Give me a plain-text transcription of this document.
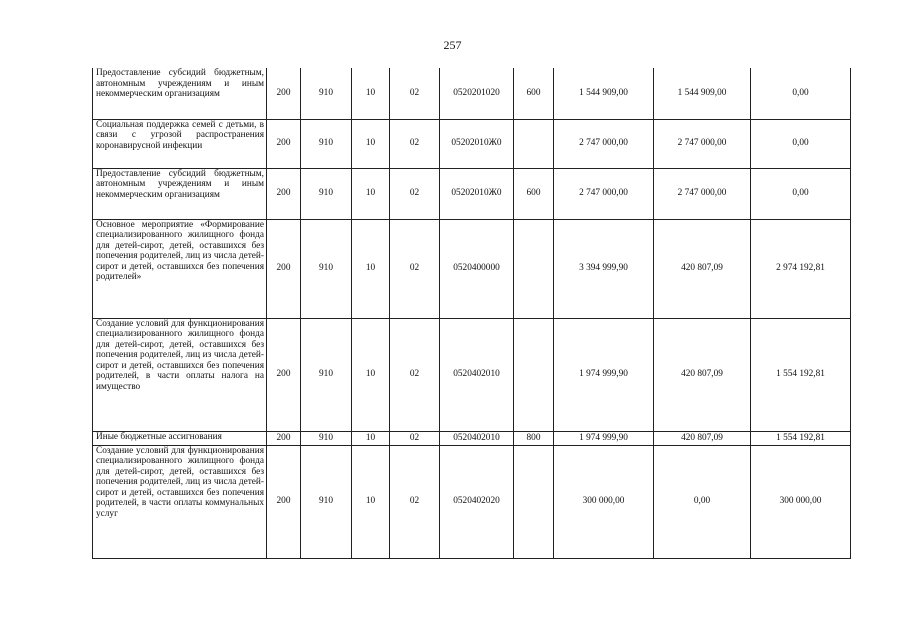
257
Предоставление субсидий бюджетным, автономным учреждениям и иным некоммерческим организациям	200	910	10	02	0520201020	600	1 544 909,00	1 544 909,00	0,00
Социальная поддержка семей с детьми, в связи с угрозой распространения коронавирусной инфекции	200	910	10	02	05202010Ж0		2 747 000,00	2 747 000,00	0,00
Предоставление субсидий бюджетным, автономным учреждениям и иным некоммерческим организациям	200	910	10	02	05202010Ж0	600	2 747 000,00	2 747 000,00	0,00
Основное мероприятие «Формирование специализированного жилищного фонда для детей-сирот, детей, оставшихся без попечения родителей, лиц из числа детей-сирот и детей, оставшихся без попечения родителей»	200	910	10	02	0520400000		3 394 999,90	420 807,09	2 974 192,81
Создание условий для функционирования специализированного жилищного фонда для детей-сирот, детей, оставшихся без попечения родителей, лиц из числа детей-сирот и детей, оставшихся без попечения родителей, в части оплаты налога на имущество	200	910	10	02	0520402010		1 974 999,90	420 807,09	1 554 192,81
Иные бюджетные ассигнования	200	910	10	02	0520402010	800	1 974 999,90	420 807,09	1 554 192,81
Создание условий для функционирования специализированного жилищного фонда для детей-сирот, детей, оставшихся без попечения родителей, лиц из числа детей-сирот и детей, оставшихся без попечения родителей, в части оплаты коммунальных услуг	200	910	10	02	0520402020		300 000,00	0,00	300 000,00
